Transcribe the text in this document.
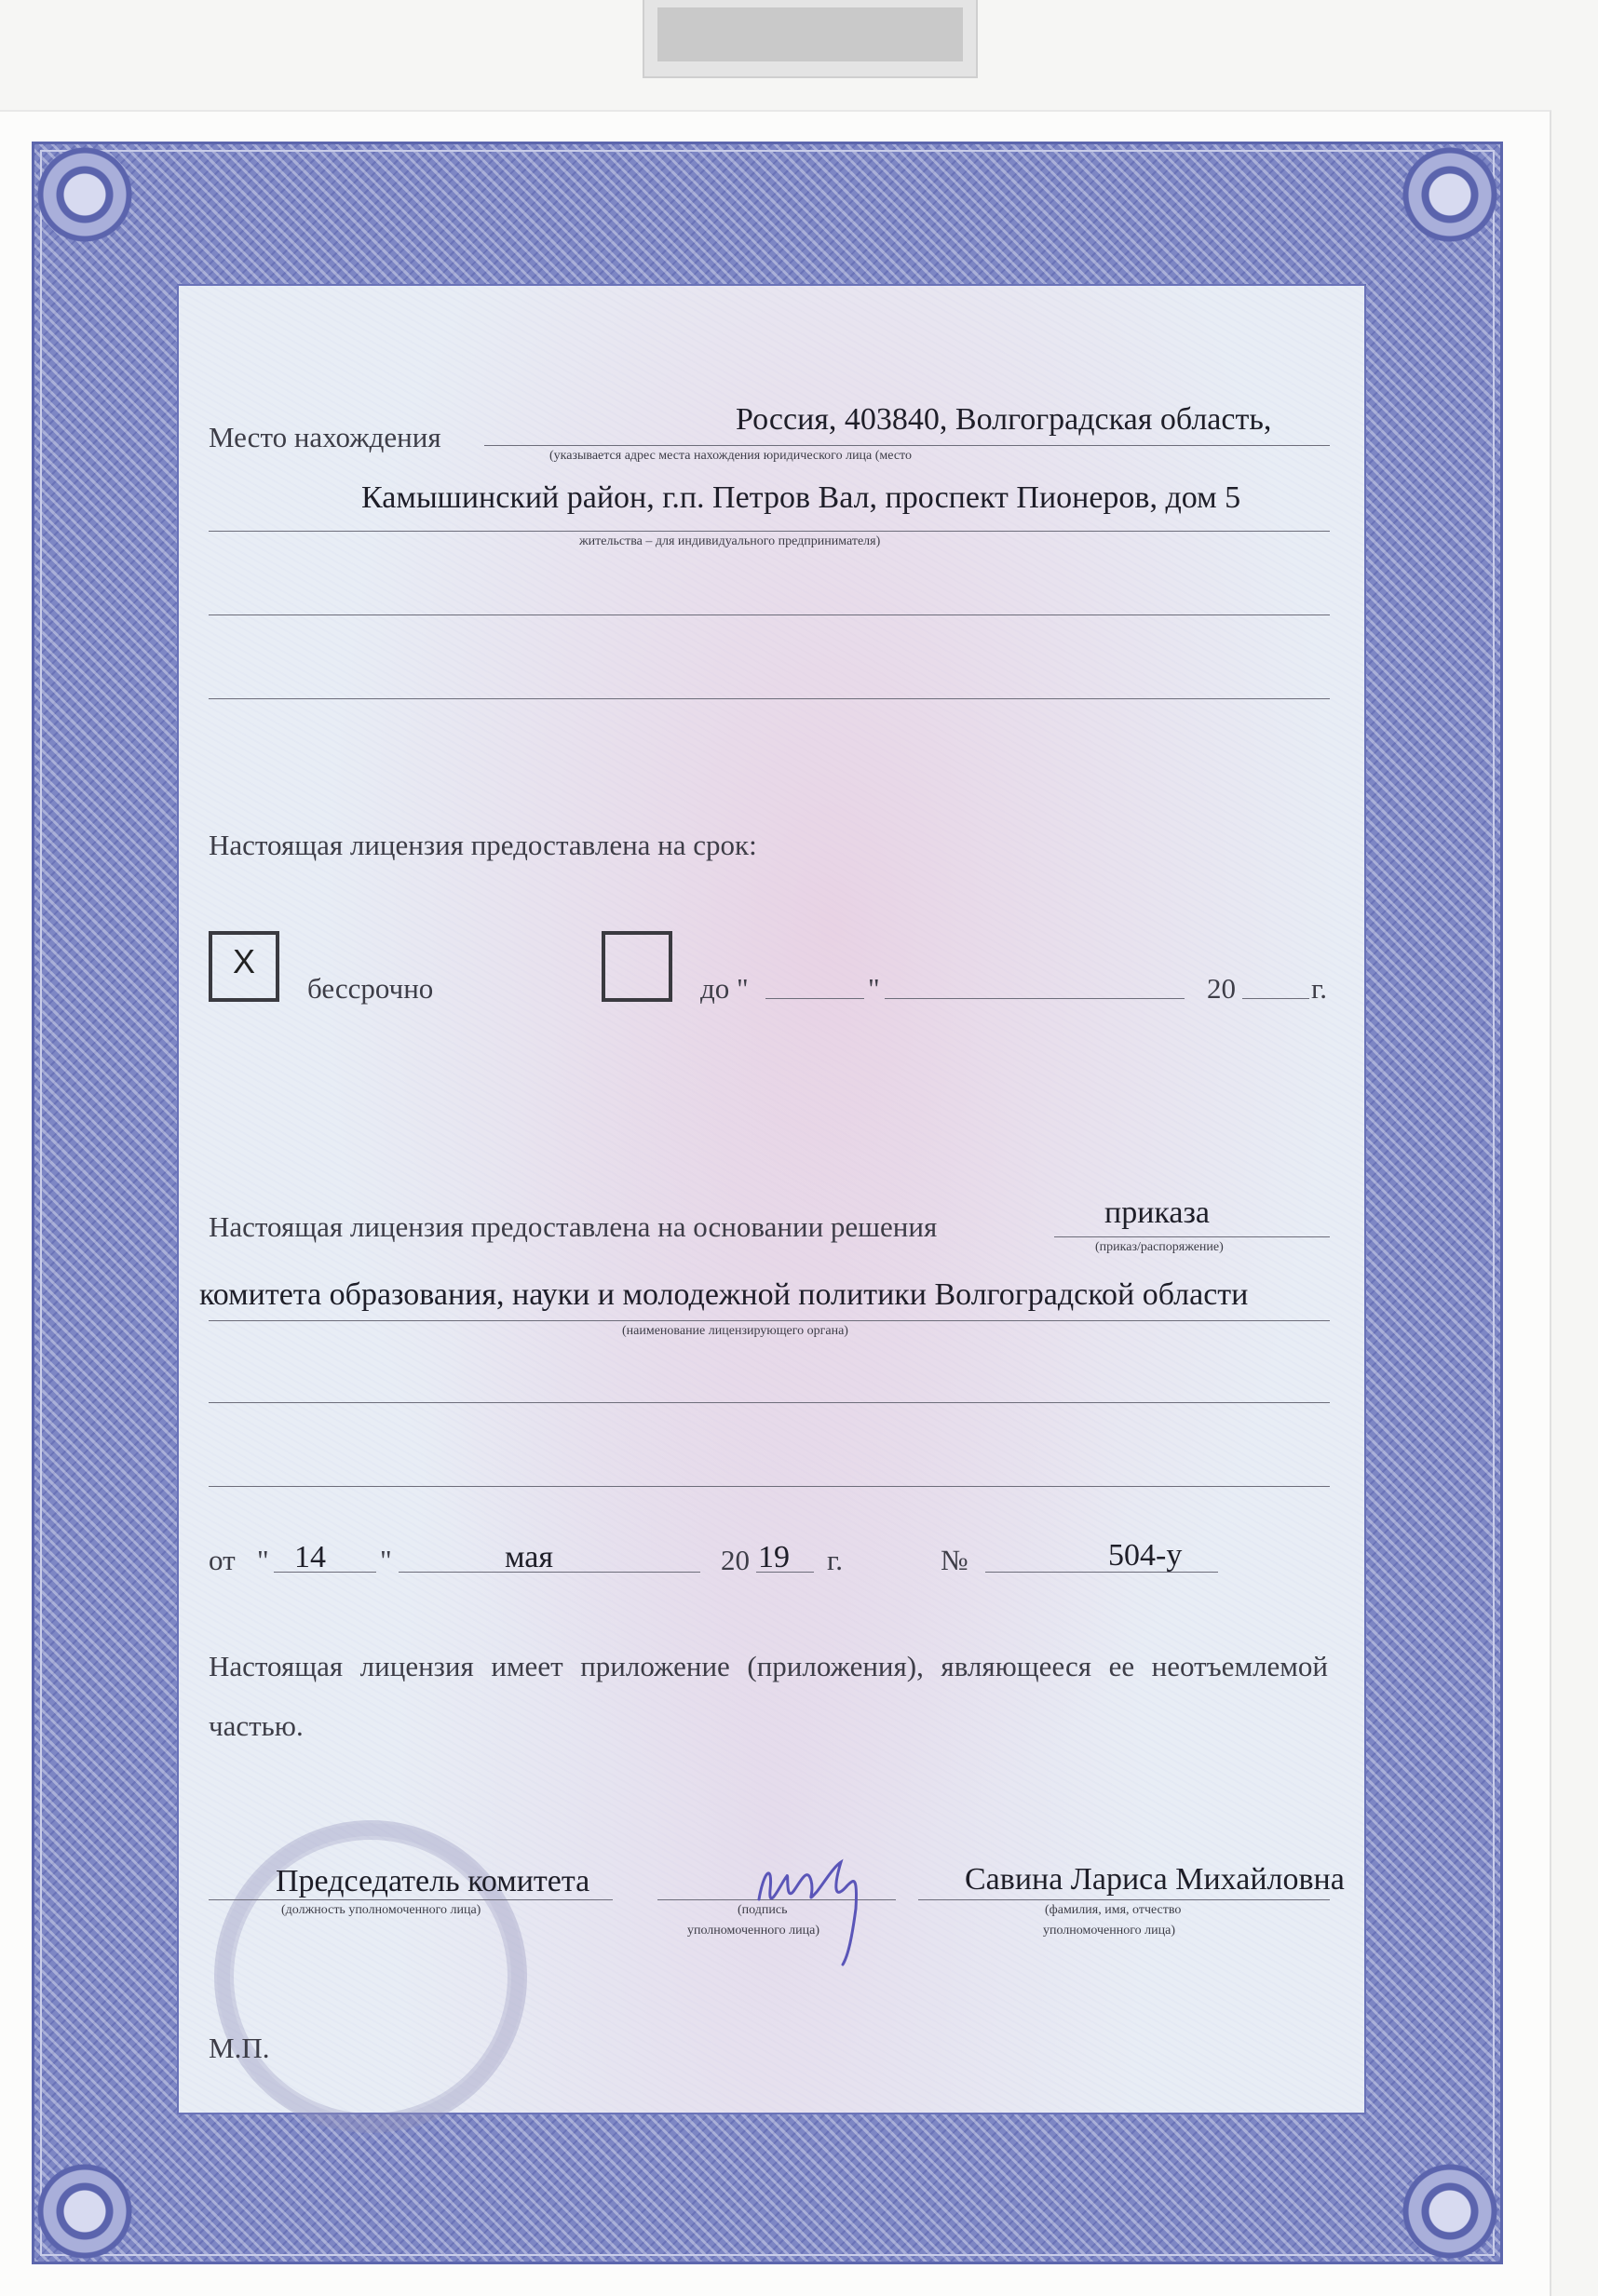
Место нахождения
Россия, 403840, Волгоградская область,
(указывается адрес места нахождения юридического лица (место
Камышинский район, г.п. Петров Вал, проспект Пионеров, дом 5
жительства – для индивидуального предпринимателя)
Настоящая лицензия предоставлена на срок:
X
бессрочно	до "	"	20	г.
Настоящая лицензия предоставлена на основании решения	приказа
(приказ/распоряжение)
комитета образования, науки и молодежной политики Волгоградской области
(наименование лицензирующего органа)
от " 14 "	мая	20 19 г.	№	504-у
Настоящая лицензия имеет приложение (приложения), являющееся ее неотъемлемой частью.
Председатель комитета
(должность уполномоченного лица)	(подпись
уполномоченного лица)
Савина Лариса Михайловна
(фамилия, имя, отчество
уполномоченного лица)
М.П.
